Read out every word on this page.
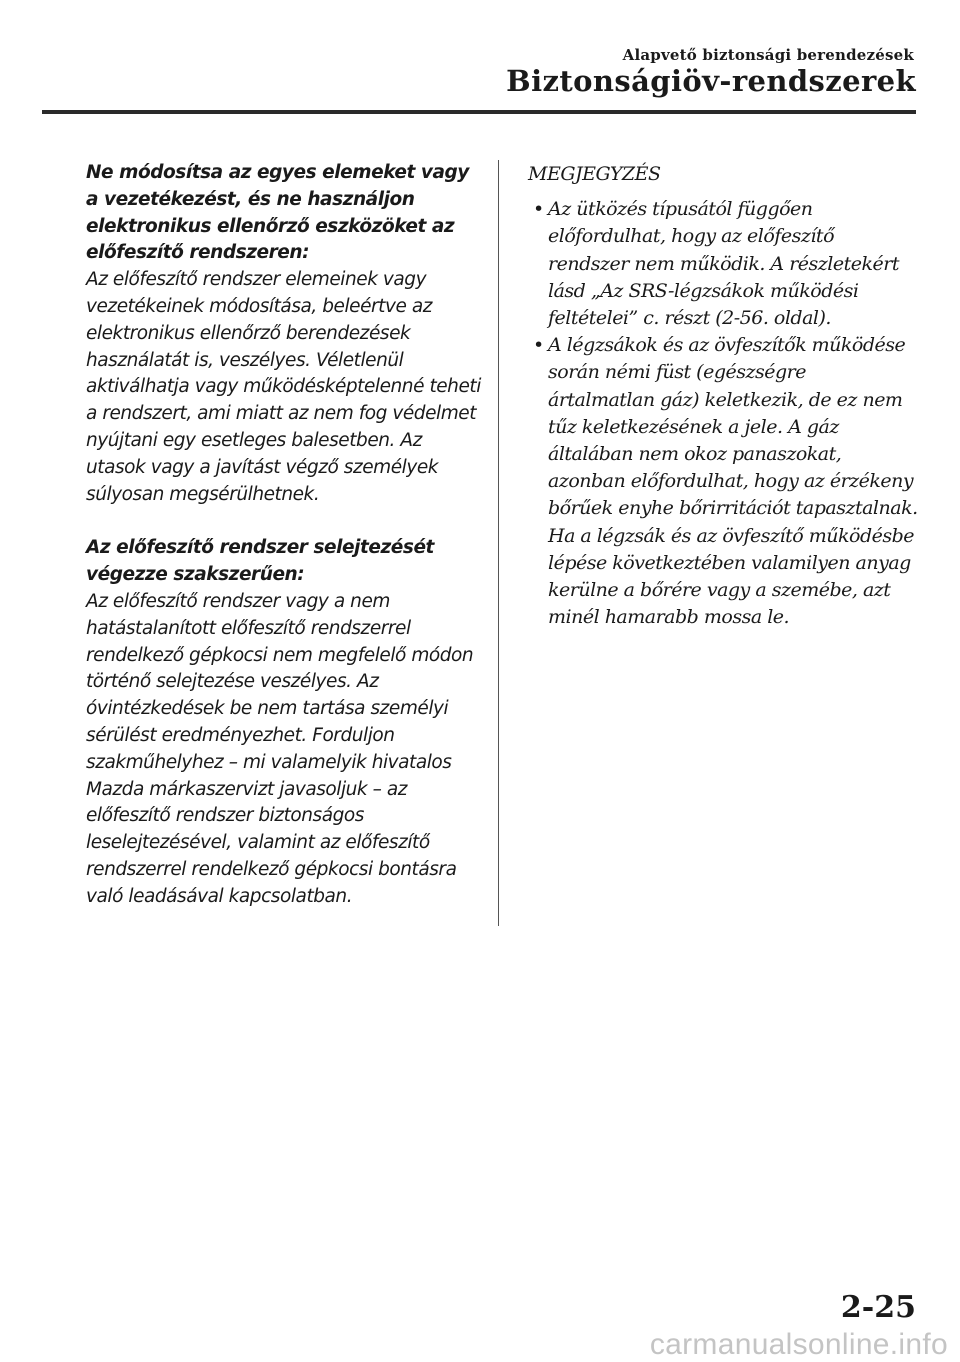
Alapvető biztonsági berendezések
Biztonságiöv-rendszerek

Ne módosítsa az egyes elemeket vagy a vezetékezést, és ne használjon elektronikus ellenőrző eszközöket az előfeszítő rendszeren:

Az előfeszítő rendszer elemeinek vagy vezetékeinek módosítása, beleértve az elektronikus ellenőrző berendezések használatát is, veszélyes. Véletlenül aktiválhatja vagy működésképtelenné teheti a rendszert, ami miatt az nem fog védelmet nyújtani egy esetleges balesetben. Az utasok vagy a javítást végző személyek súlyosan megsérülhetnek.

Az előfeszítő rendszer selejtezését végezze szakszerűen:

Az előfeszítő rendszer vagy a nem hatástalanított előfeszítő rendszerrel rendelkező gépkocsi nem megfelelő módon történő selejtezése veszélyes. Az óvintézkedések be nem tartása személyi sérülést eredményezhet. Forduljon szakműhelyhez – mi valamelyik hivatalos Mazda márkaszervizt javasoljuk – az előfeszítő rendszer biztonságos leselejtezésével, valamint az előfeszítő rendszerrel rendelkező gépkocsi bontásra való leadásával kapcsolatban.

MEGJEGYZÉS

• Az ütközés típusától függően előfordulhat, hogy az előfeszítő rendszer nem működik. A részletekért lásd „Az SRS-légzsákok működési feltételei” c. részt (2-56. oldal).
• A légzsákok és az övfeszítők működése során némi füst (egészségre ártalmatlan gáz) keletkezik, de ez nem tűz keletkezésének a jele. A gáz általában nem okoz panaszokat, azonban előfordulhat, hogy az érzékeny bőrűek enyhe bőrirritációt tapasztalnak. Ha a légzsák és az övfeszítő működésbe lépése következtében valamilyen anyag kerülne a bőrére vagy a szemébe, azt minél hamarabb mossa le.
2-25
carmanualsonline.info
